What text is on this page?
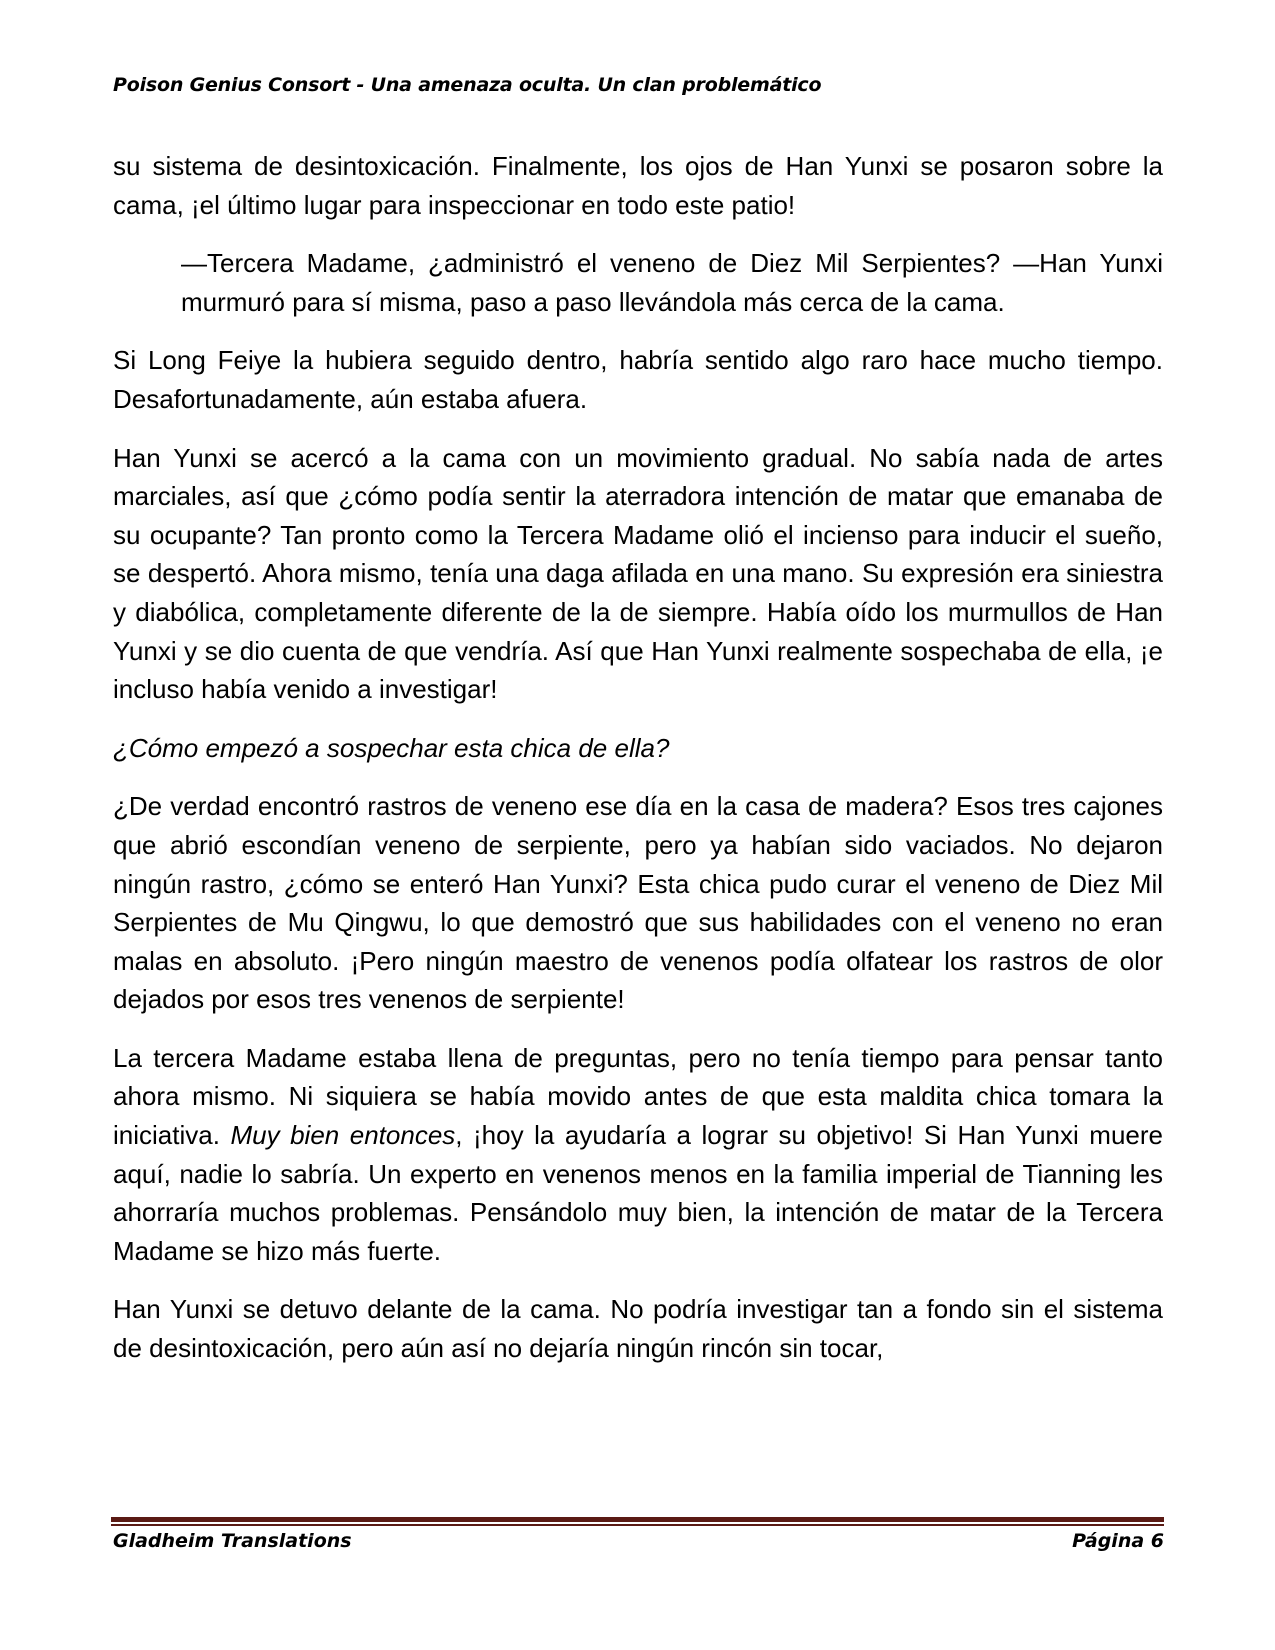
Poison Genius Consort - Una amenaza oculta. Un clan problemático

su sistema de desintoxicación. Finalmente, los ojos de Han Yunxi se posaron sobre la cama, ¡el último lugar para inspeccionar en todo este patio!

—Tercera Madame, ¿administró el veneno de Diez Mil Serpientes? —Han Yunxi murmuró para sí misma, paso a paso llevándola más cerca de la cama.

Si Long Feiye la hubiera seguido dentro, habría sentido algo raro hace mucho tiempo. Desafortunadamente, aún estaba afuera.

Han Yunxi se acercó a la cama con un movimiento gradual. No sabía nada de artes marciales, así que ¿cómo podía sentir la aterradora intención de matar que emanaba de su ocupante? Tan pronto como la Tercera Madame olió el incienso para inducir el sueño, se despertó. Ahora mismo, tenía una daga afilada en una mano. Su expresión era siniestra y diabólica, completamente diferente de la de siempre. Había oído los murmullos de Han Yunxi y se dio cuenta de que vendría. Así que Han Yunxi realmente sospechaba de ella, ¡e incluso había venido a investigar!

¿Cómo empezó a sospechar esta chica de ella?

¿De verdad encontró rastros de veneno ese día en la casa de madera? Esos tres cajones que abrió escondían veneno de serpiente, pero ya habían sido vaciados. No dejaron ningún rastro, ¿cómo se enteró Han Yunxi? Esta chica pudo curar el veneno de Diez Mil Serpientes de Mu Qingwu, lo que demostró que sus habilidades con el veneno no eran malas en absoluto. ¡Pero ningún maestro de venenos podía olfatear los rastros de olor dejados por esos tres venenos de serpiente!

La tercera Madame estaba llena de preguntas, pero no tenía tiempo para pensar tanto ahora mismo. Ni siquiera se había movido antes de que esta maldita chica tomara la iniciativa. Muy bien entonces, ¡hoy la ayudaría a lograr su objetivo! Si Han Yunxi muere aquí, nadie lo sabría. Un experto en venenos menos en la familia imperial de Tianning les ahorraría muchos problemas. Pensándolo muy bien, la intención de matar de la Tercera Madame se hizo más fuerte.

Han Yunxi se detuvo delante de la cama. No podría investigar tan a fondo sin el sistema de desintoxicación, pero aún así no dejaría ningún rincón sin tocar,

Gladheim Translations	Página 6
